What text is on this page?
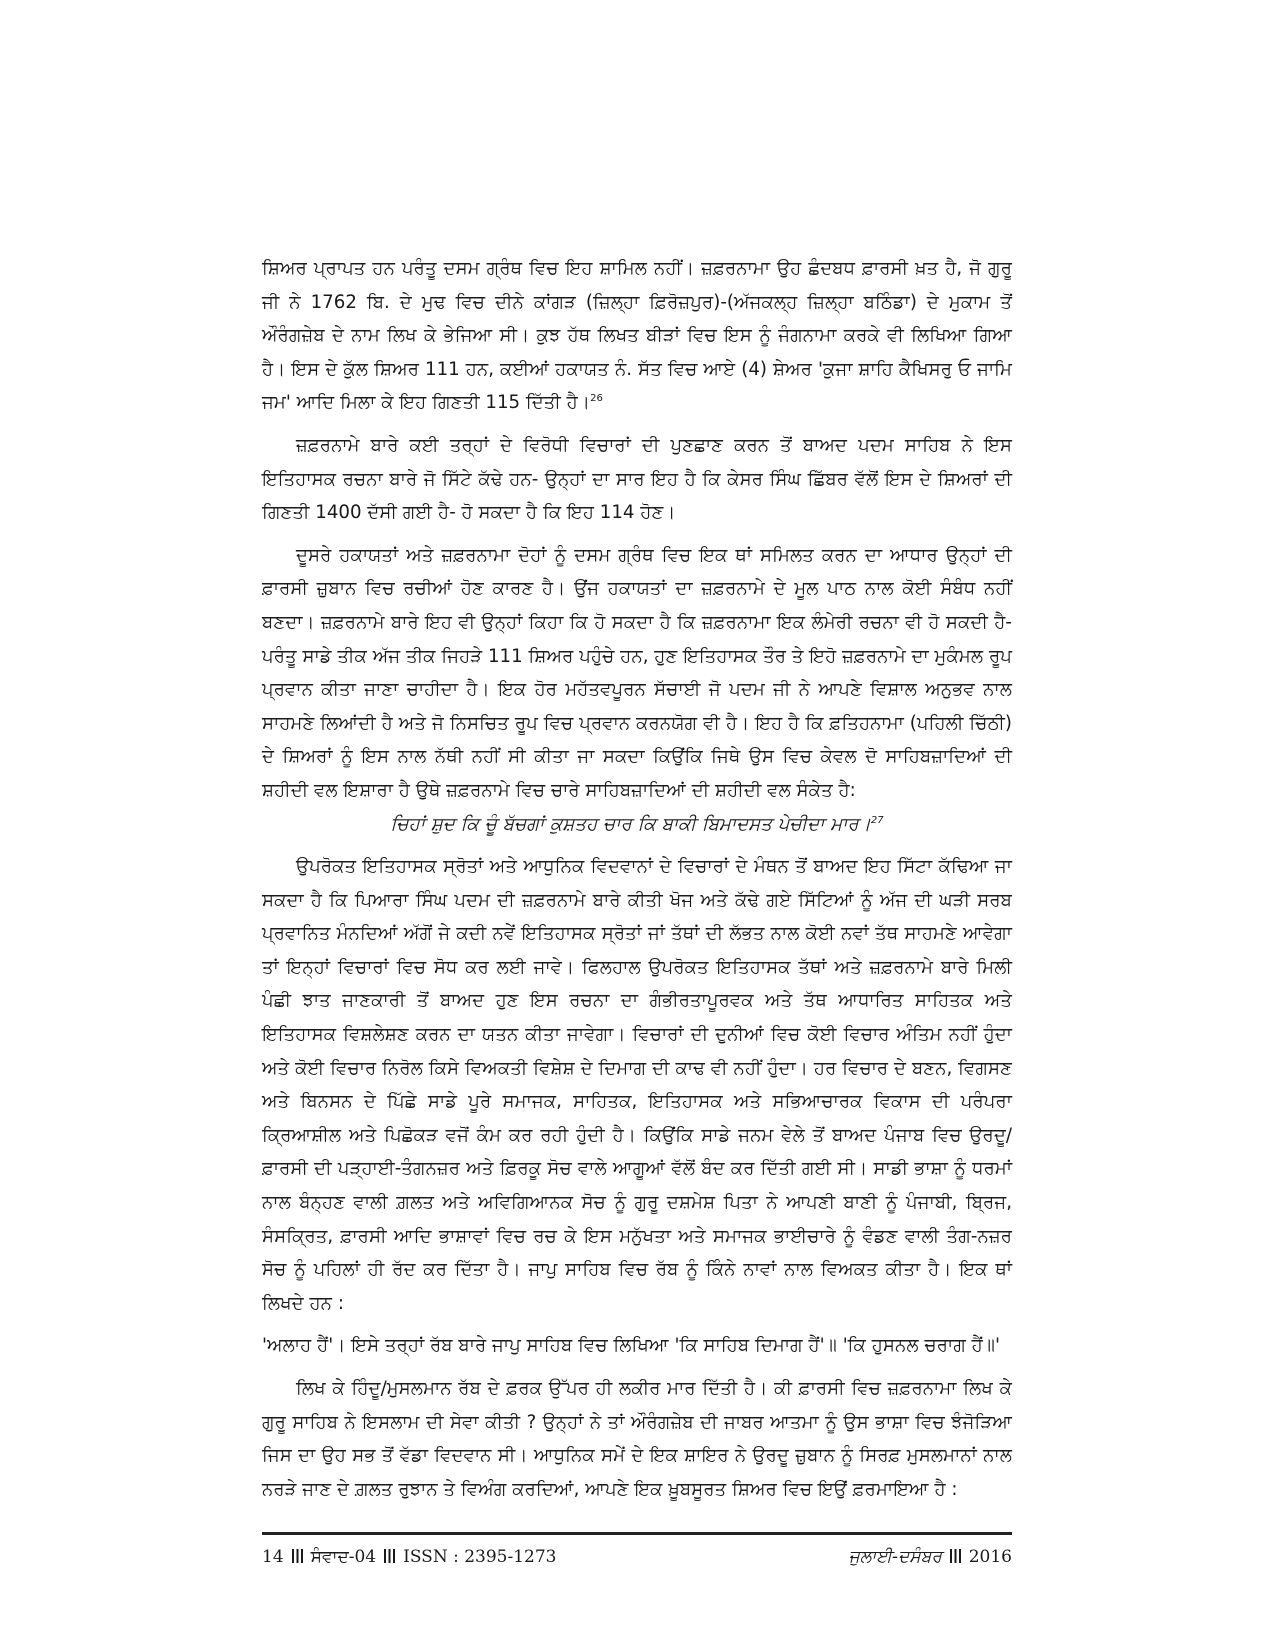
ਸ਼ਿਅਰ ਪ੍ਰਾਪਤ ਹਨ ਪਰੰਤੂ ਦਸਮ ਗ੍ਰੰਥ ਵਿਚ ਇਹ ਸ਼ਾਮਿਲ ਨਹੀਂ। ਜ਼ਫ਼ਰਨਾਮਾ ਉਹ ਛੰਦਬਧ ਫ਼ਾਰਸੀ ਖ਼ਤ ਹੈ, ਜੋ ਗੁਰੂ ਜੀ ਨੇ 1762 ਬਿ. ਦੇ ਮੁਢ ਵਿਚ ਦੀਨੇ ਕਾਂਗੜ (ਜ਼ਿਲ੍ਹਾ ਫ਼ਿਰੋਜ਼ਪੁਰ)-(ਅੱਜਕਲ੍ਹ ਜ਼ਿਲ੍ਹਾ ਬਠਿੰਡਾ) ਦੇ ਮੁਕਾਮ ਤੋਂ ਔਰੰਗਜ਼ੇਬ ਦੇ ਨਾਮ ਲਿਖ ਕੇ ਭੇਜਿਆ ਸੀ। ਕੁਝ ਹੱਥ ਲਿਖਤ ਬੀੜਾਂ ਵਿਚ ਇਸ ਨੂੰ ਜੰਗਨਾਮਾ ਕਰਕੇ ਵੀ ਲਿਖਿਆ ਗਿਆ ਹੈ। ਇਸ ਦੇ ਕੁੱਲ ਸ਼ਿਅਰ 111 ਹਨ, ਕਈਆਂ ਹਕਾਯਤ ਨੰ. ਸੱਤ ਵਿਚ ਆਏ (4) ਸ਼ੇਅਰ 'ਕੁਜਾ ਸ਼ਾਹਿ ਕੈਖਿਸਰੁ ਓ ਜਾਮਿ ਜਮ' ਆਦਿ ਮਿਲਾ ਕੇ ਇਹ ਗਿਣਤੀ 115 ਦਿੱਤੀ ਹੈ।$^{26}$

ਜ਼ਫ਼ਰਨਾਮੇ ਬਾਰੇ ਕਈ ਤਰ੍ਹਾਂ ਦੇ ਵਿਰੋਧੀ ਵਿਚਾਰਾਂ ਦੀ ਪੁਣਛਾਣ ਕਰਨ ਤੋਂ ਬਾਅਦ ਪਦਮ ਸਾਹਿਬ ਨੇ ਇਸ ਇਤਿਹਾਸਕ ਰਚਨਾ ਬਾਰੇ ਜੋ ਸਿੱਟੇ ਕੱਢੇ ਹਨ- ਉਨ੍ਹਾਂ ਦਾ ਸਾਰ ਇਹ ਹੈ ਕਿ ਕੇਸਰ ਸਿੰਘ ਛਿੱਬਰ ਵੱਲੋਂ ਇਸ ਦੇ ਸ਼ਿਅਰਾਂ ਦੀ ਗਿਣਤੀ 1400 ਦੱਸੀ ਗਈ ਹੈ- ਹੋ ਸਕਦਾ ਹੈ ਕਿ ਇਹ 114 ਹੋਣ।

ਦੂਸਰੇ ਹਕਾਯਤਾਂ ਅਤੇ ਜ਼ਫ਼ਰਨਾਮਾ ਦੋਹਾਂ ਨੂੰ ਦਸਮ ਗ੍ਰੰਥ ਵਿਚ ਇਕ ਥਾਂ ਸਮਿਲਤ ਕਰਨ ਦਾ ਆਧਾਰ ਉਨ੍ਹਾਂ ਦੀ ਫ਼ਾਰਸੀ ਜ਼ੁਬਾਨ ਵਿਚ ਰਚੀਆਂ ਹੋਣ ਕਾਰਣ ਹੈ। ਉਂਜ ਹਕਾਯਤਾਂ ਦਾ ਜ਼ਫ਼ਰਨਾਮੇ ਦੇ ਮੂਲ ਪਾਠ ਨਾਲ ਕੋਈ ਸੰਬੰਧ ਨਹੀਂ ਬਣਦਾ। ਜ਼ਫ਼ਰਨਾਮੇ ਬਾਰੇ ਇਹ ਵੀ ਉਨ੍ਹਾਂ ਕਿਹਾ ਕਿ ਹੋ ਸਕਦਾ ਹੈ ਕਿ ਜ਼ਫ਼ਰਨਾਮਾ ਇਕ ਲੰਮੇਰੀ ਰਚਨਾ ਵੀ ਹੋ ਸਕਦੀ ਹੈ-ਪਰੰਤੂ ਸਾਡੇ ਤੀਕ ਅੱਜ ਤੀਕ ਜਿਹੜੇ 111 ਸ਼ਿਅਰ ਪਹੁੰਚੇ ਹਨ, ਹੁਣ ਇਤਿਹਾਸਕ ਤੌਰ ਤੇ ਇਹੋ ਜ਼ਫ਼ਰਨਾਮੇ ਦਾ ਮੁਕੰਮਲ ਰੂਪ ਪ੍ਰਵਾਨ ਕੀਤਾ ਜਾਣਾ ਚਾਹੀਦਾ ਹੈ। ਇਕ ਹੋਰ ਮਹੱਤਵਪੂਰਨ ਸੱਚਾਈ ਜੋ ਪਦਮ ਜੀ ਨੇ ਆਪਣੇ ਵਿਸ਼ਾਲ ਅਨੁਭਵ ਨਾਲ ਸਾਹਮਣੇ ਲਿਆਂਦੀ ਹੈ ਅਤੇ ਜੋ ਨਿਸਚਿਤ ਰੂਪ ਵਿਚ ਪ੍ਰਵਾਨ ਕਰਨਯੋਗ ਵੀ ਹੈ। ਇਹ ਹੈ ਕਿ ਫ਼ਤਿਹਨਾਮਾ (ਪਹਿਲੀ ਚਿੱਠੀ) ਦੇ ਸ਼ਿਅਰਾਂ ਨੂੰ ਇਸ ਨਾਲ ਨੱਥੀ ਨਹੀਂ ਸੀ ਕੀਤਾ ਜਾ ਸਕਦਾ ਕਿਉਂਕਿ ਜਿਥੇ ਉਸ ਵਿਚ ਕੇਵਲ ਦੋ ਸਾਹਿਬਜ਼ਾਦਿਆਂ ਦੀ ਸ਼ਹੀਦੀ ਵਲ ਇਸ਼ਾਰਾ ਹੈ ਉਥੇ ਜ਼ਫ਼ਰਨਾਮੇ ਵਿਚ ਚਾਰੇ ਸਾਹਿਬਜ਼ਾਦਿਆਂ ਦੀ ਸ਼ਹੀਦੀ ਵਲ ਸੰਕੇਤ ਹੈ:

ਚਿਹਾਂ ਸ਼ੁਦ ਕਿ ਚੂੰ ਬੱਚਗਾਂ ਕੁਸ਼ਤਹ ਚਾਰ ਕਿ ਬਾਕੀ ਬਿਮਾਦਸਤ ਪੇਚੀਦਾ ਮਾਰ।$^{27}$

ਉਪਰੋਕਤ ਇਤਿਹਾਸਕ ਸ੍ਰੋਤਾਂ ਅਤੇ ਆਧੁਨਿਕ ਵਿਦਵਾਨਾਂ ਦੇ ਵਿਚਾਰਾਂ ਦੇ ਮੰਥਨ ਤੋਂ ਬਾਅਦ ਇਹ ਸਿੱਟਾ ਕੱਢਿਆ ਜਾ ਸਕਦਾ ਹੈ ਕਿ ਪਿਆਰਾ ਸਿੰਘ ਪਦਮ ਦੀ ਜ਼ਫ਼ਰਨਾਮੇ ਬਾਰੇ ਕੀਤੀ ਖੋਜ ਅਤੇ ਕੱਢੇ ਗਏ ਸਿੱਟਿਆਂ ਨੂੰ ਅੱਜ ਦੀ ਘੜੀ ਸਰਬ ਪ੍ਰਵਾਨਿਤ ਮੰਨਦਿਆਂ ਅੱਗੋਂ ਜੇ ਕਦੀ ਨਵੇਂ ਇਤਿਹਾਸਕ ਸ੍ਰੋਤਾਂ ਜਾਂ ਤੱਥਾਂ ਦੀ ਲੱਭਤ ਨਾਲ ਕੋਈ ਨਵਾਂ ਤੱਥ ਸਾਹਮਣੇ ਆਵੇਗਾ ਤਾਂ ਇਨ੍ਹਾਂ ਵਿਚਾਰਾਂ ਵਿਚ ਸੋਧ ਕਰ ਲਈ ਜਾਵੇ। ਫਿਲਹਾਲ ਉਪਰੋਕਤ ਇਤਿਹਾਸਕ ਤੱਥਾਂ ਅਤੇ ਜ਼ਫ਼ਰਨਾਮੇ ਬਾਰੇ ਮਿਲੀ ਪੰਛੀ ਝਾਤ ਜਾਣਕਾਰੀ ਤੋਂ ਬਾਅਦ ਹੁਣ ਇਸ ਰਚਨਾ ਦਾ ਗੰਭੀਰਤਾਪੂਰਵਕ ਅਤੇ ਤੱਥ ਆਧਾਰਿਤ ਸਾਹਿਤਕ ਅਤੇ ਇਤਿਹਾਸਕ ਵਿਸ਼ਲੇਸ਼ਣ ਕਰਨ ਦਾ ਯਤਨ ਕੀਤਾ ਜਾਵੇਗਾ। ਵਿਚਾਰਾਂ ਦੀ ਦੁਨੀਆਂ ਵਿਚ ਕੋਈ ਵਿਚਾਰ ਅੰਤਿਮ ਨਹੀਂ ਹੁੰਦਾ ਅਤੇ ਕੋਈ ਵਿਚਾਰ ਨਿਰੋਲ ਕਿਸੇ ਵਿਅਕਤੀ ਵਿਸ਼ੇਸ਼ ਦੇ ਦਿਮਾਗ ਦੀ ਕਾਢ ਵੀ ਨਹੀਂ ਹੁੰਦਾ। ਹਰ ਵਿਚਾਰ ਦੇ ਬਣਨ, ਵਿਗਸਣ ਅਤੇ ਬਿਨਸਨ ਦੇ ਪਿੱਛੇ ਸਾਡੇ ਪੂਰੇ ਸਮਾਜਕ, ਸਾਹਿਤਕ, ਇਤਿਹਾਸਕ ਅਤੇ ਸਭਿਆਚਾਰਕ ਵਿਕਾਸ ਦੀ ਪਰੰਪਰਾ ਕ੍ਰਿਆਸ਼ੀਲ ਅਤੇ ਪਿਛੋਕੜ ਵਜੋਂ ਕੰਮ ਕਰ ਰਹੀ ਹੁੰਦੀ ਹੈ। ਕਿਉਂਕਿ ਸਾਡੇ ਜਨਮ ਵੇਲੇ ਤੋਂ ਬਾਅਦ ਪੰਜਾਬ ਵਿਚ ਉਰਦੂ/ਫ਼ਾਰਸੀ ਦੀ ਪੜ੍ਹਾਈ-ਤੰਗਨਜ਼ਰ ਅਤੇ ਫ਼ਿਰਕੂ ਸੋਚ ਵਾਲੇ ਆਗੂਆਂ ਵੱਲੋਂ ਬੰਦ ਕਰ ਦਿੱਤੀ ਗਈ ਸੀ। ਸਾਡੀ ਭਾਸ਼ਾ ਨੂੰ ਧਰਮਾਂ ਨਾਲ ਬੰਨ੍ਹਣ ਵਾਲੀ ਗ਼ਲਤ ਅਤੇ ਅਵਿਗਿਆਨਕ ਸੋਚ ਨੂੰ ਗੁਰੂ ਦਸ਼ਮੇਸ਼ ਪਿਤਾ ਨੇ ਆਪਣੀ ਬਾਣੀ ਨੂੰ ਪੰਜਾਬੀ, ਬ੍ਰਿਜ, ਸੰਸਕ੍ਰਿਤ, ਫ਼ਾਰਸੀ ਆਦਿ ਭਾਸ਼ਾਵਾਂ ਵਿਚ ਰਚ ਕੇ ਇਸ ਮਨੁੱਖਤਾ ਅਤੇ ਸਮਾਜਕ ਭਾਈਚਾਰੇ ਨੂੰ ਵੰਡਣ ਵਾਲੀ ਤੰਗ-ਨਜ਼ਰ ਸੋਚ ਨੂੰ ਪਹਿਲਾਂ ਹੀ ਰੱਦ ਕਰ ਦਿੱਤਾ ਹੈ। ਜਾਪੁ ਸਾਹਿਬ ਵਿਚ ਰੱਬ ਨੂੰ ਕਿੰਨੇ ਨਾਵਾਂ ਨਾਲ ਵਿਅਕਤ ਕੀਤਾ ਹੈ। ਇਕ ਥਾਂ ਲਿਖਦੇ ਹਨ :

'ਅਲਾਹ ਹੈਂ'। ਇਸੇ ਤਰ੍ਹਾਂ ਰੱਬ ਬਾਰੇ ਜਾਪੁ ਸਾਹਿਬ ਵਿਚ ਲਿਖਿਆ 'ਕਿ ਸਾਹਿਬ ਦਿਮਾਗ ਹੈਂ'॥ 'ਕਿ ਹੁਸਨਲ ਚਰਾਗ ਹੈਂ॥'

ਲਿਖ ਕੇ ਹਿੰਦੂ/ਮੁਸਲਮਾਨ ਰੱਬ ਦੇ ਫ਼ਰਕ ਉੱਪਰ ਹੀ ਲਕੀਰ ਮਾਰ ਦਿੱਤੀ ਹੈ। ਕੀ ਫ਼ਾਰਸੀ ਵਿਚ ਜ਼ਫ਼ਰਨਾਮਾ ਲਿਖ ਕੇ ਗੁਰੂ ਸਾਹਿਬ ਨੇ ਇਸਲਾਮ ਦੀ ਸੇਵਾ ਕੀਤੀ ? ਉਨ੍ਹਾਂ ਨੇ ਤਾਂ ਔਰੰਗਜ਼ੇਬ ਦੀ ਜਾਬਰ ਆਤਮਾ ਨੂੰ ਉਸ ਭਾਸ਼ਾ ਵਿਚ ਝੰਜੋੜਿਆ ਜਿਸ ਦਾ ਉਹ ਸਭ ਤੋਂ ਵੱਡਾ ਵਿਦਵਾਨ ਸੀ। ਆਧੁਨਿਕ ਸਮੇਂ ਦੇ ਇਕ ਸ਼ਾਇਰ ਨੇ ਉਰਦੂ ਜ਼ੁਬਾਨ ਨੂੰ ਸਿਰਫ਼ ਮੁਸਲਮਾਨਾਂ ਨਾਲ ਨਰੜੇ ਜਾਣ ਦੇ ਗ਼ਲਤ ਰੁਝਾਨ ਤੇ ਵਿਅੰਗ ਕਰਦਿਆਂ, ਆਪਣੇ ਇਕ ਖ਼ੂਬਸੂਰਤ ਸ਼ਿਅਰ ਵਿਚ ਇਉਂ ਫ਼ਰਮਾਇਆ ਹੈ :

14 ਸੰਵਾਦ-04 ISSN : 2395-1273	ਜੁਲਾਈ-ਦਸੰਬਰ 2016
